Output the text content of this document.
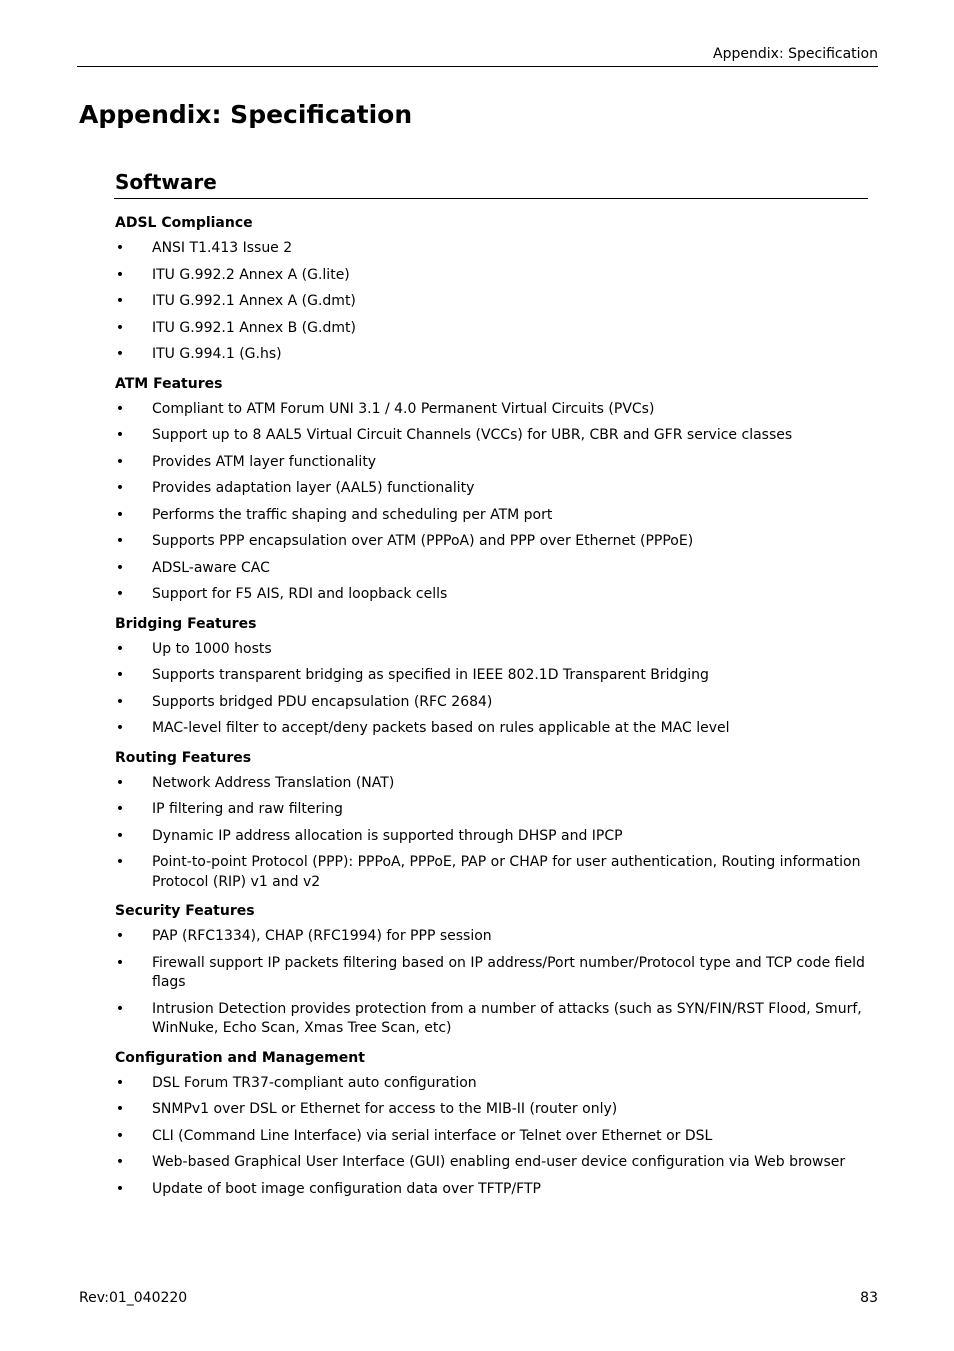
Appendix: Specification
Appendix: Specification
Software
ADSL Compliance
• ANSI T1.413 Issue 2
• ITU G.992.2 Annex A (G.lite)
• ITU G.992.1 Annex A (G.dmt)
• ITU G.992.1 Annex B (G.dmt)
• ITU G.994.1 (G.hs)
ATM Features
• Compliant to ATM Forum UNI 3.1 / 4.0 Permanent Virtual Circuits (PVCs)
• Support up to 8 AAL5 Virtual Circuit Channels (VCCs) for UBR, CBR and GFR service classes
• Provides ATM layer functionality
• Provides adaptation layer (AAL5) functionality
• Performs the traffic shaping and scheduling per ATM port
• Supports PPP encapsulation over ATM (PPPoA) and PPP over Ethernet (PPPoE)
• ADSL-aware CAC
• Support for F5 AIS, RDI and loopback cells
Bridging Features
• Up to 1000 hosts
• Supports transparent bridging as specified in IEEE 802.1D Transparent Bridging
• Supports bridged PDU encapsulation (RFC 2684)
• MAC-level filter to accept/deny packets based on rules applicable at the MAC level
Routing Features
• Network Address Translation (NAT)
• IP filtering and raw filtering
• Dynamic IP address allocation is supported through DHSP and IPCP
• Point-to-point Protocol (PPP): PPPoA, PPPoE, PAP or CHAP for user authentication, Routing information Protocol (RIP) v1 and v2
Security Features
• PAP (RFC1334), CHAP (RFC1994) for PPP session
• Firewall support IP packets filtering based on IP address/Port number/Protocol type and TCP code field flags
• Intrusion Detection provides protection from a number of attacks (such as SYN/FIN/RST Flood, Smurf, WinNuke, Echo Scan, Xmas Tree Scan, etc)
Configuration and Management
• DSL Forum TR37-compliant auto configuration
• SNMPv1 over DSL or Ethernet for access to the MIB-II (router only)
• CLI (Command Line Interface) via serial interface or Telnet over Ethernet or DSL
• Web-based Graphical User Interface (GUI) enabling end-user device configuration via Web browser
• Update of boot image configuration data over TFTP/FTP
Rev:01_040220	83
